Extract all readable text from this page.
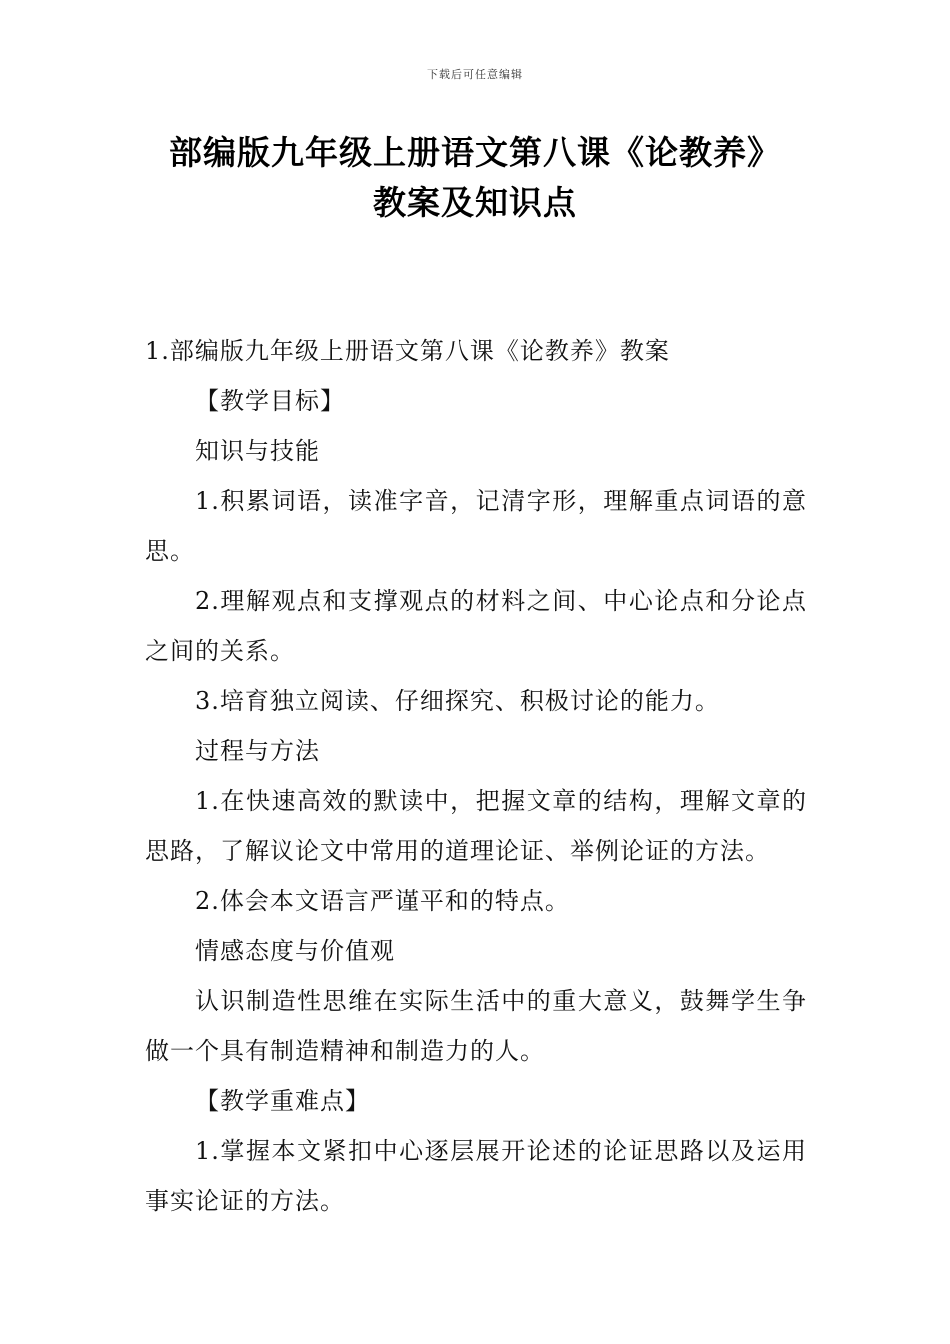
下载后可任意编辑
部编版九年级上册语文第八课《论教养》
教案及知识点

1.部编版九年级上册语文第八课《论教养》教案

【教学目标】

知识与技能

1.积累词语，读准字音，记清字形，理解重点词语的意思。

2.理解观点和支撑观点的材料之间、中心论点和分论点之间的关系。

3.培育独立阅读、仔细探究、积极讨论的能力。

过程与方法

1.在快速高效的默读中，把握文章的结构，理解文章的思路，了解议论文中常用的道理论证、举例论证的方法。

2.体会本文语言严谨平和的特点。

情感态度与价值观

认识制造性思维在实际生活中的重大意义，鼓舞学生争做一个具有制造精神和制造力的人。

【教学重难点】

1.掌握本文紧扣中心逐层展开论述的论证思路以及运用事实论证的方法。
